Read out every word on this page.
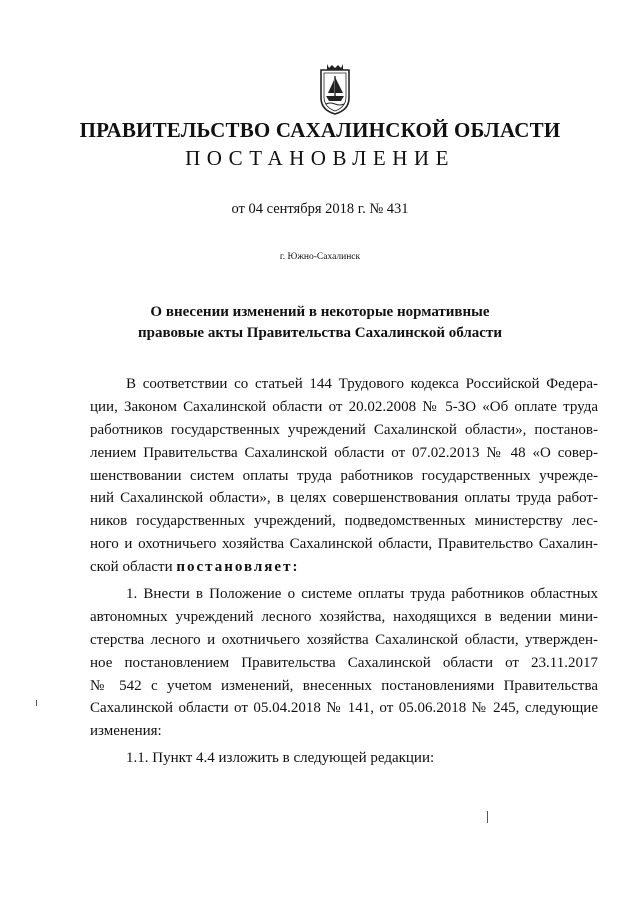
ПРАВИТЕЛЬСТВО САХАЛИНСКОЙ ОБЛАСТИ
ПОСТАНОВЛЕНИЕ
от 04 сентября 2018 г. № 431
г. Южно-Сахалинск
О внесении изменений в некоторые нормативные
правовые акты Правительства Сахалинской области
В соответствии со статьей 144 Трудового кодекса Российской Федера-
ции, Законом Сахалинской области от 20.02.2008 № 5-ЗО «Об оплате труда
работников государственных учреждений Сахалинской области», постанов-
лением Правительства Сахалинской области от 07.02.2013 № 48 «О совер-
шенствовании систем оплаты труда работников государственных учрежде-
ний Сахалинской области», в целях совершенствования оплаты труда работ-
ников государственных учреждений, подведомственных министерству лес-
ного и охотничьего хозяйства Сахалинской области, Правительство Сахалин-
ской области постановляет:
1. Внести в Положение о системе оплаты труда работников областных
автономных учреждений лесного хозяйства, находящихся в ведении мини-
стерства лесного и охотничьего хозяйства Сахалинской области, утвержден-
ное постановлением Правительства Сахалинской области от 23.11.2017
№ 542 с учетом изменений, внесенных постановлениями Правительства
Сахалинской области от 05.04.2018 № 141, от 05.06.2018 № 245, следующие
изменения:
1.1. Пункт 4.4 изложить в следующей редакции:
